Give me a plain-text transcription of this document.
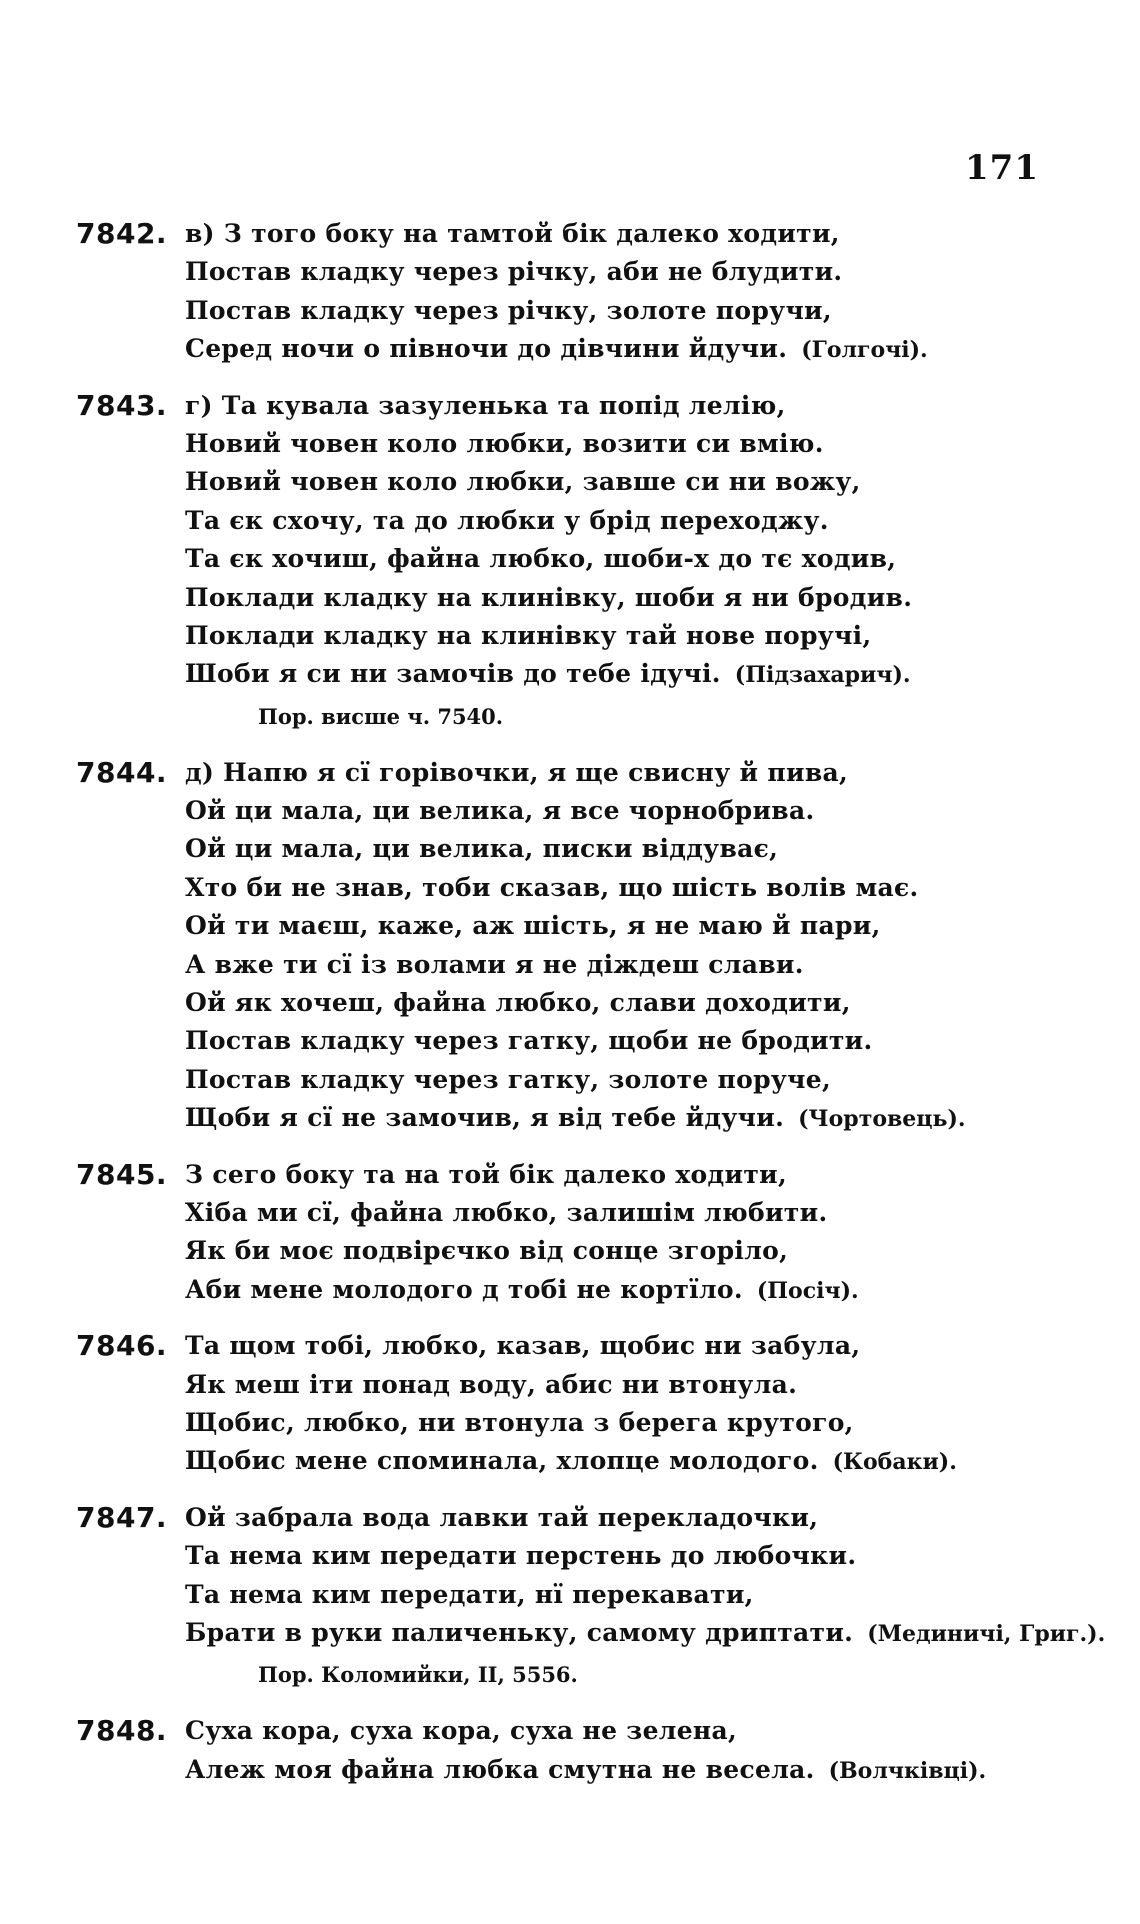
171
7842. в) З того боку на тамтой бік далеко ходити,
Постав кладку через річку, аби не блудити.
Постав кладку через річку, золоте поручи,
Серед ночи о півночи до дівчини йдучи. (Голгочі).
7843. г) Та кувала зазуленька та попід лелію,
Новий човен коло любки, возити си вмію.
Новий човен коло любки, завше си ни вожу,
Та єк схочу, та до любки у брід переходжу.
Та єк хочиш, файна любко, шоби-х до тє ходив,
Поклади кладку на клинівку, шоби я ни бродив.
Поклади кладку на клинівку тай нове поручі,
Шоби я си ни замочів до тебе ідучі. (Підзахарич).
Пор. висше ч. 7540.
7844. д) Напю я сї горівочки, я ще свисну й пива,
Ой ци мала, ци велика, я все чорнобрива.
Ой ци мала, ци велика, писки віддуває,
Хто би не знав, тоби сказав, що шість волів має.
Ой ти маєш, каже, аж шість, я не маю й пари,
А вже ти сї із волами я не діждеш слави.
Ой як хочеш, файна любко, слави доходити,
Постав кладку через гатку, щоби не бродити.
Постав кладку через гатку, золоте поруче,
Щоби я сї не замочив, я від тебе йдучи. (Чортовець).
7845. З сего боку та на той бік далеко ходити,
Хіба ми сї, файна любко, залишім любити.
Як би моє подвірєчко від сонце згоріло,
Аби мене молодого д тобі не кортїло. (Посіч).
7846. Та щом тобі, любко, казав, щобис ни забула,
Як меш іти понад воду, абис ни втонула.
Щобис, любко, ни втонула з берега крутого,
Щобис мене споминала, хлопце молодого. (Кобаки).
7847. Ой забрала вода лавки тай перекладочки,
Та нема ким передати перстень до любочки.
Та нема ким передати, нї перекавати,
Брати в руки паличеньку, самому дриптати. (Мединичі, Григ.).
Пор. Коломийки, II, 5556.
7848. Суха кора, суха кора, суха не зелена,
Алеж моя файна любка смутна не весела. (Волчківці).
